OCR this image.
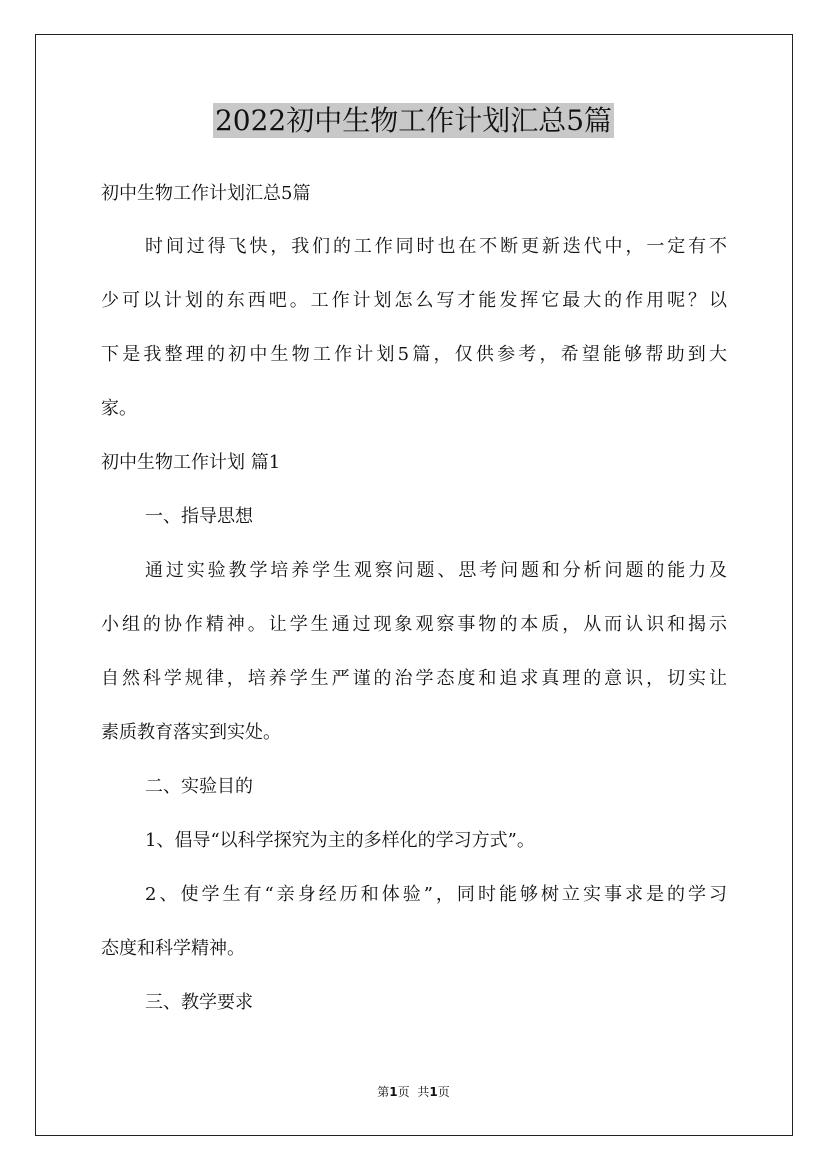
2022初中生物工作计划汇总5篇

初中生物工作计划汇总5篇

时间过得飞快，我们的工作同时也在不断更新迭代中，一定有不

少可以计划的东西吧。工作计划怎么写才能发挥它最大的作用呢？以

下是我整理的初中生物工作计划5篇，仅供参考，希望能够帮助到大

家。

初中生物工作计划 篇1

一、指导思想

通过实验教学培养学生观察问题、思考问题和分析问题的能力及

小组的协作精神。让学生通过现象观察事物的本质，从而认识和揭示

自然科学规律，培养学生严谨的治学态度和追求真理的意识，切实让

素质教育落实到实处。

二、实验目的

1、倡导“以科学探究为主的多样化的学习方式”。

2、使学生有“亲身经历和体验”，同时能够树立实事求是的学习

态度和科学精神。

三、教学要求

第1页 共1页
